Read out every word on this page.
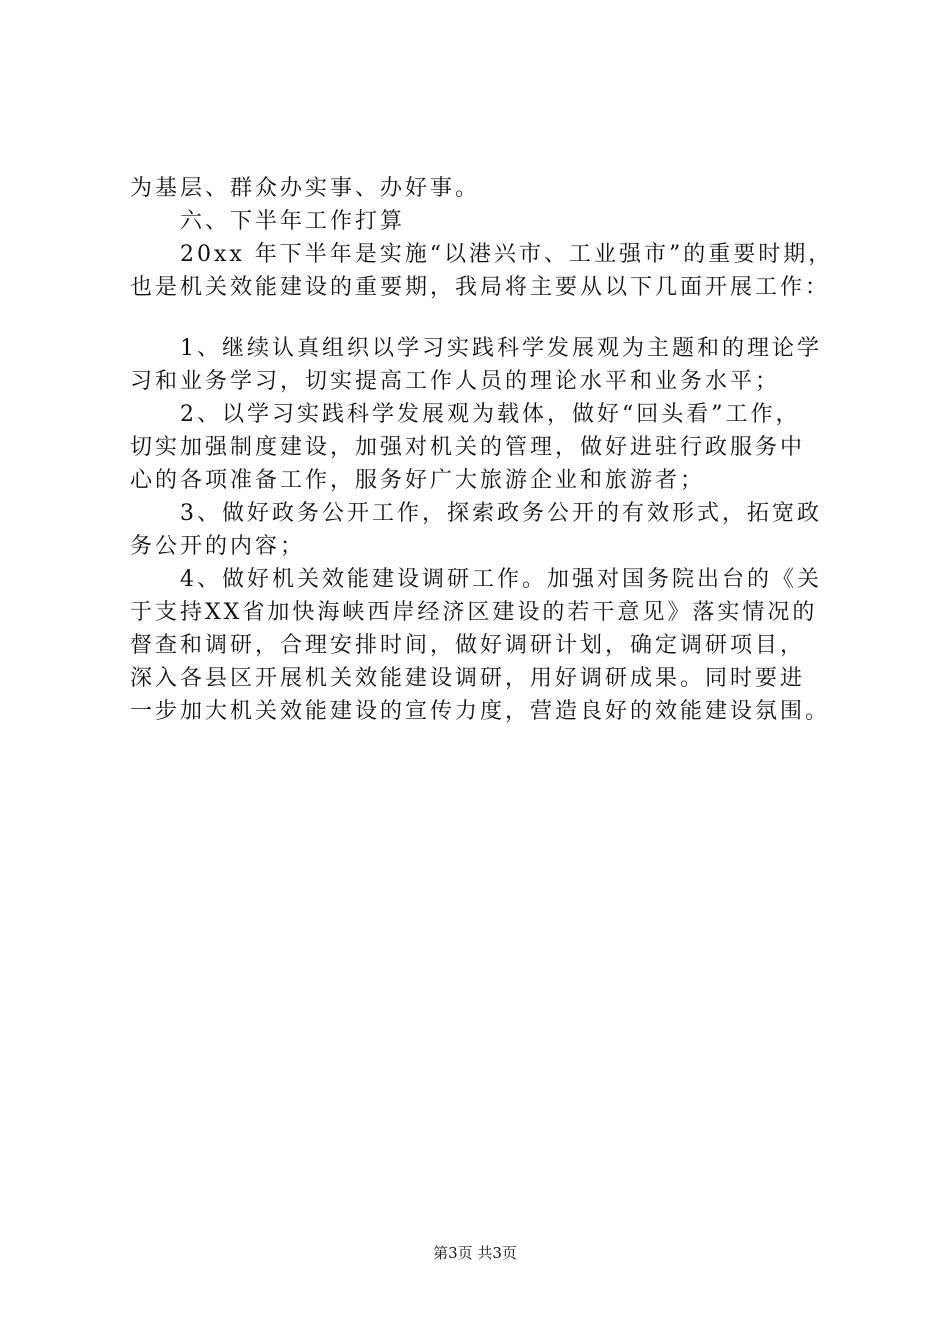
为基层、群众办实事、办好事。

六、下半年工作打算

20xx 年下半年是实施“以港兴市、工业强市”的重要时期，

也是机关效能建设的重要期，我局将主要从以下几面开展工作：

1、继续认真组织以学习实践科学发展观为主题和的理论学

习和业务学习，切实提高工作人员的理论水平和业务水平；

2、以学习实践科学发展观为载体，做好“回头看”工作，

切实加强制度建设，加强对机关的管理，做好进驻行政服务中

心的各项准备工作，服务好广大旅游企业和旅游者；

3、做好政务公开工作，探索政务公开的有效形式，拓宽政

务公开的内容；

4、做好机关效能建设调研工作。加强对国务院出台的《关

于支持XX省加快海峡西岸经济区建设的若干意见》落实情况的

督查和调研，合理安排时间，做好调研计划，确定调研项目，

深入各县区开展机关效能建设调研，用好调研成果。同时要进

一步加大机关效能建设的宣传力度，营造良好的效能建设氛围。

第3页 共3页
